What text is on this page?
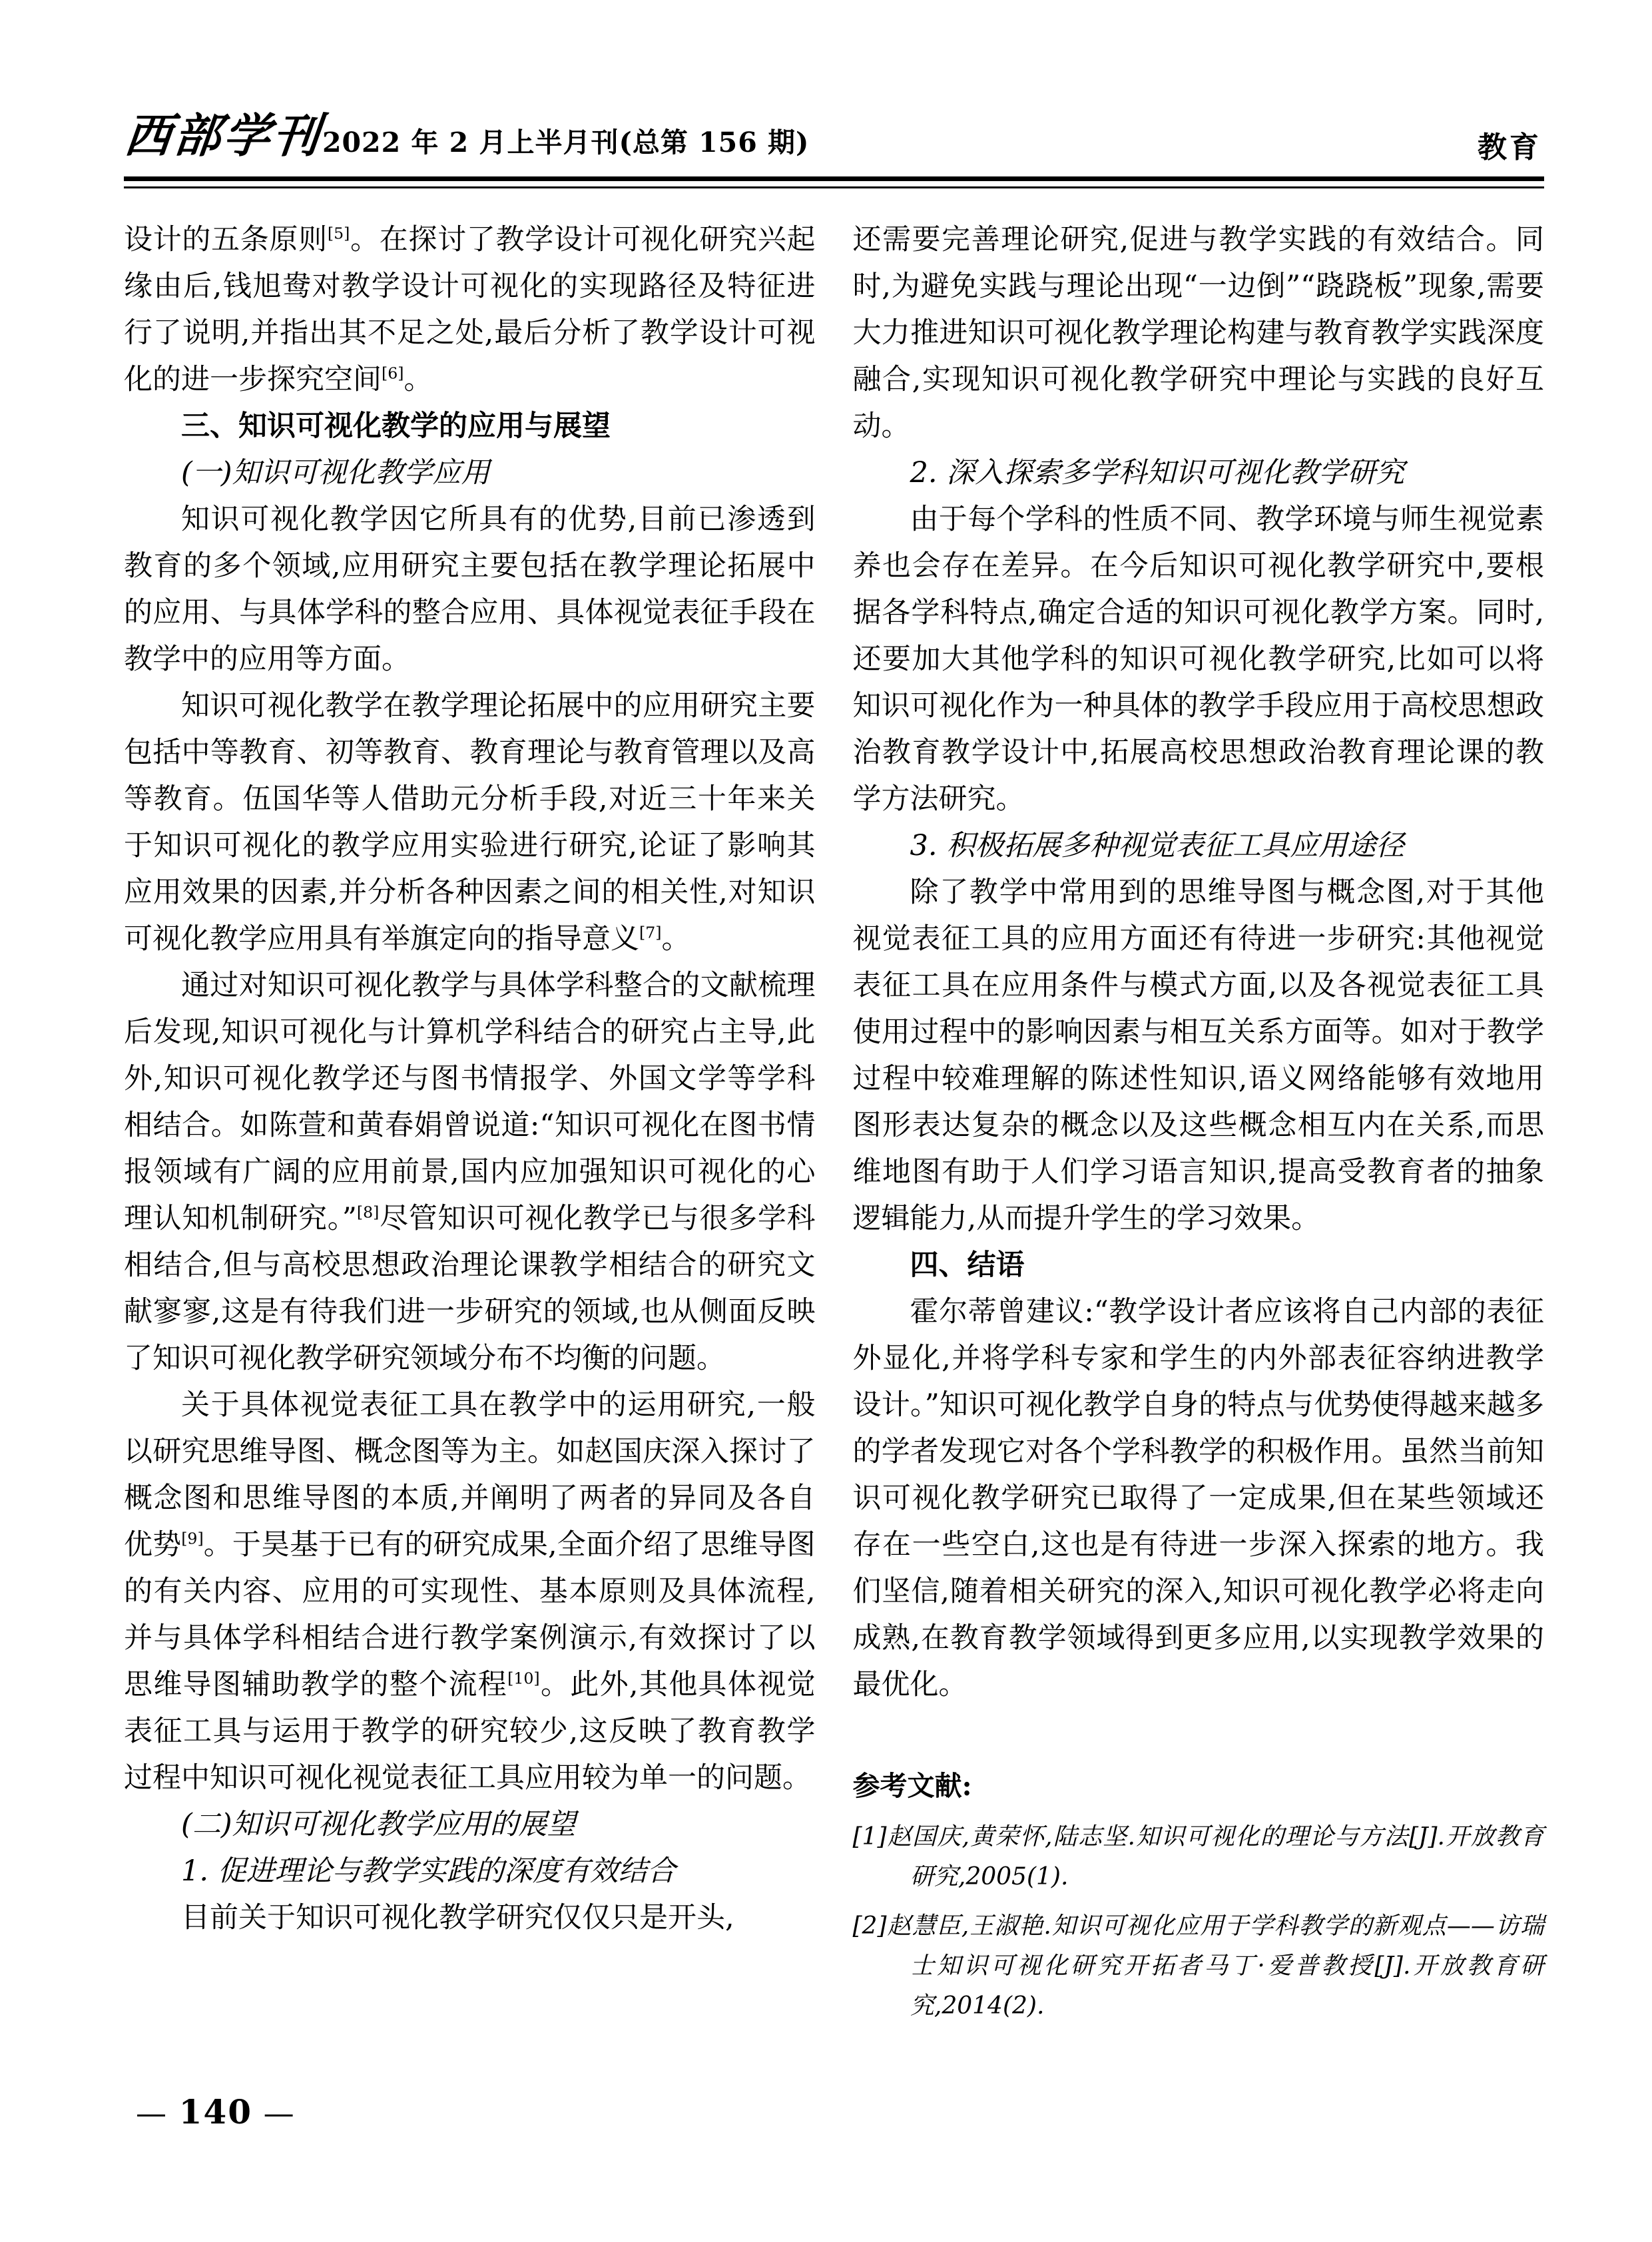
西部学刊
2022 年 2 月上半月刊(总第 156 期)	教育

设计的五条原则[5]。在探讨了教学设计可视化研究兴起缘由后,钱旭鸯对教学设计可视化的实现路径及特征进行了说明,并指出其不足之处,最后分析了教学设计可视化的进一步探究空间[6]。

三、知识可视化教学的应用与展望

(一)知识可视化教学应用

知识可视化教学因它所具有的优势,目前已渗透到教育的多个领域,应用研究主要包括在教学理论拓展中的应用、与具体学科的整合应用、具体视觉表征手段在教学中的应用等方面。

知识可视化教学在教学理论拓展中的应用研究主要包括中等教育、初等教育、教育理论与教育管理以及高等教育。伍国华等人借助元分析手段,对近三十年来关于知识可视化的教学应用实验进行研究,论证了影响其应用效果的因素,并分析各种因素之间的相关性,对知识可视化教学应用具有举旗定向的指导意义[7]。

通过对知识可视化教学与具体学科整合的文献梳理后发现,知识可视化与计算机学科结合的研究占主导,此外,知识可视化教学还与图书情报学、外国文学等学科相结合。如陈萱和黄春娟曾说道:“知识可视化在图书情报领域有广阔的应用前景,国内应加强知识可视化的心理认知机制研究。”[8]尽管知识可视化教学已与很多学科相结合,但与高校思想政治理论课教学相结合的研究文献寥寥,这是有待我们进一步研究的领域,也从侧面反映了知识可视化教学研究领域分布不均衡的问题。

关于具体视觉表征工具在教学中的运用研究,一般以研究思维导图、概念图等为主。如赵国庆深入探讨了概念图和思维导图的本质,并阐明了两者的异同及各自优势[9]。于昊基于已有的研究成果,全面介绍了思维导图的有关内容、应用的可实现性、基本原则及具体流程,并与具体学科相结合进行教学案例演示,有效探讨了以思维导图辅助教学的整个流程[10]。此外,其他具体视觉表征工具与运用于教学的研究较少,这反映了教育教学过程中知识可视化视觉表征工具应用较为单一的问题。

(二)知识可视化教学应用的展望

1. 促进理论与教学实践的深度有效结合

目前关于知识可视化教学研究仅仅只是开头,

还需要完善理论研究,促进与教学实践的有效结合。同时,为避免实践与理论出现“一边倒”“跷跷板”现象,需要大力推进知识可视化教学理论构建与教育教学实践深度融合,实现知识可视化教学研究中理论与实践的良好互动。

2. 深入探索多学科知识可视化教学研究

由于每个学科的性质不同、教学环境与师生视觉素养也会存在差异。在今后知识可视化教学研究中,要根据各学科特点,确定合适的知识可视化教学方案。同时,还要加大其他学科的知识可视化教学研究,比如可以将知识可视化作为一种具体的教学手段应用于高校思想政治教育教学设计中,拓展高校思想政治教育理论课的教学方法研究。

3. 积极拓展多种视觉表征工具应用途径

除了教学中常用到的思维导图与概念图,对于其他视觉表征工具的应用方面还有待进一步研究:其他视觉表征工具在应用条件与模式方面,以及各视觉表征工具使用过程中的影响因素与相互关系方面等。如对于教学过程中较难理解的陈述性知识,语义网络能够有效地用图形表达复杂的概念以及这些概念相互内在关系,而思维地图有助于人们学习语言知识,提高受教育者的抽象逻辑能力,从而提升学生的学习效果。

四、结语

霍尔蒂曾建议:“教学设计者应该将自己内部的表征外显化,并将学科专家和学生的内外部表征容纳进教学设计。”知识可视化教学自身的特点与优势使得越来越多的学者发现它对各个学科教学的积极作用。虽然当前知识可视化教学研究已取得了一定成果,但在某些领域还存在一些空白,这也是有待进一步深入探索的地方。我们坚信,随着相关研究的深入,知识可视化教学必将走向成熟,在教育教学领域得到更多应用,以实现教学效果的最优化。

参考文献:

[1]赵国庆,黄荣怀,陆志坚.知识可视化的理论与方法[J].开放教育研究,2005(1).

[2]赵慧臣,王淑艳.知识可视化应用于学科教学的新观点——访瑞士知识可视化研究开拓者马丁·爱普教授[J].开放教育研究,2014(2).

— 140 —
